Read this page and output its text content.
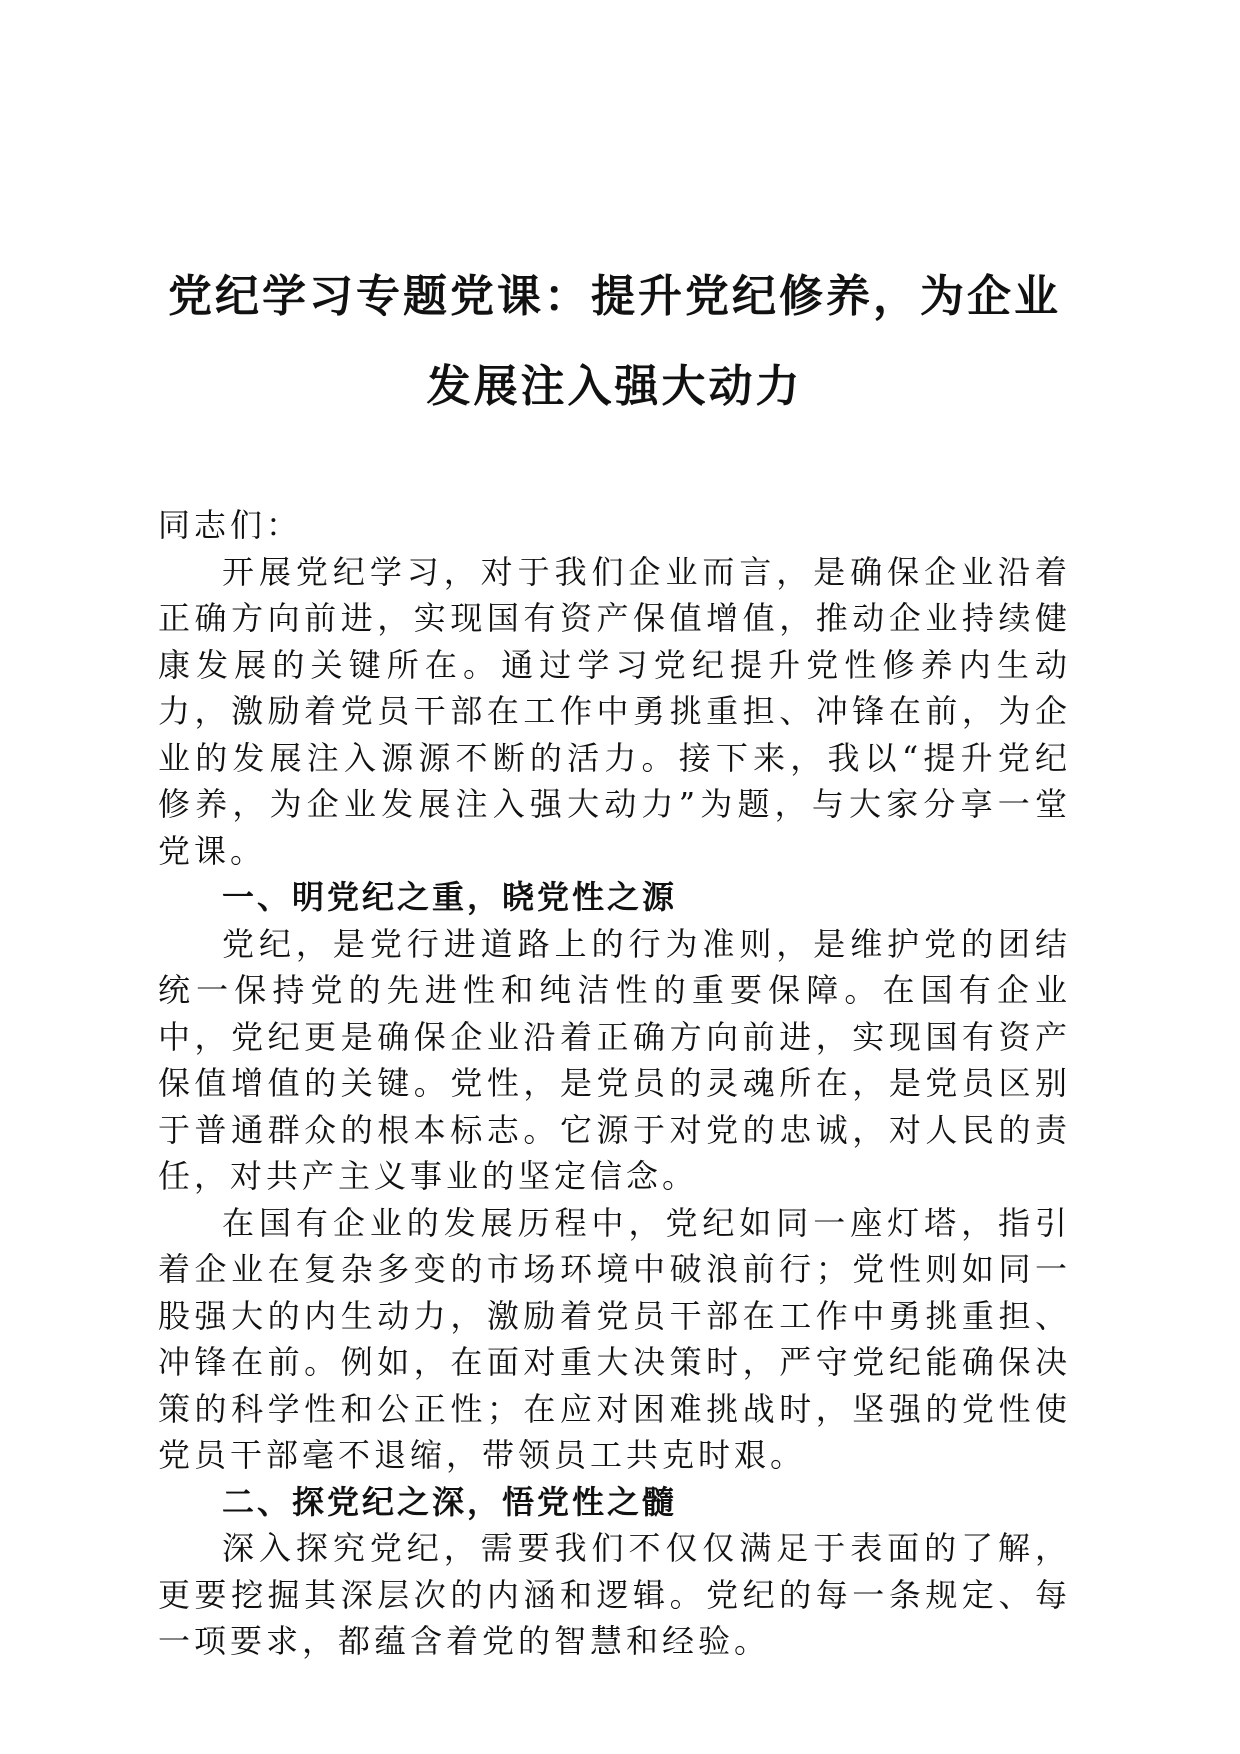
党纪学习专题党课：提升党纪修养，为企业发展注入强大动力

同志们：

开展党纪学习，对于我们企业而言，是确保企业沿着正确方向前进，实现国有资产保值增值，推动企业持续健康发展的关键所在。通过学习党纪提升党性修养内生动力，激励着党员干部在工作中勇挑重担、冲锋在前，为企业的发展注入源源不断的活力。接下来，我以“提升党纪修养，为企业发展注入强大动力”为题，与大家分享一堂党课。

一、明党纪之重，晓党性之源

党纪，是党行进道路上的行为准则，是维护党的团结统一保持党的先进性和纯洁性的重要保障。在国有企业中，党纪更是确保企业沿着正确方向前进，实现国有资产保值增值的关键。党性，是党员的灵魂所在，是党员区别于普通群众的根本标志。它源于对党的忠诚，对人民的责任，对共产主义事业的坚定信念。

在国有企业的发展历程中，党纪如同一座灯塔，指引着企业在复杂多变的市场环境中破浪前行；党性则如同一股强大的内生动力，激励着党员干部在工作中勇挑重担、冲锋在前。例如，在面对重大决策时，严守党纪能确保决策的科学性和公正性；在应对困难挑战时，坚强的党性使党员干部毫不退缩，带领员工共克时艰。

二、探党纪之深，悟党性之髓

深入探究党纪，需要我们不仅仅满足于表面的了解，更要挖掘其深层次的内涵和逻辑。党纪的每一条规定、每一项要求，都蕴含着党的智慧和经验。
